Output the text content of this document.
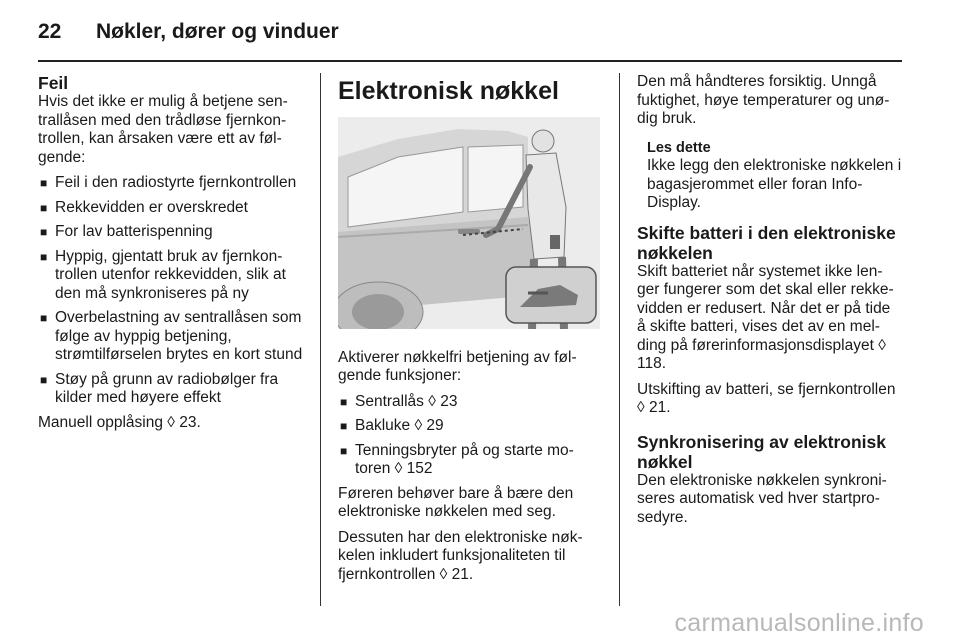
22	Nøkler, dører og vinduer
Feil

Hvis det ikke er mulig å betjene sen-trallåsen med den trådløse fjernkon-trollen, kan årsaken være ett av føl-gende:

■ Feil i den radiostyrte fjernkontrollen
■ Rekkevidden er overskredet
■ For lav batterispenning
■ Hyppig, gjentatt bruk av fjernkon-trollen utenfor rekkevidden, slik at den må synkroniseres på ny
■ Overbelastning av sentrallåsen som følge av hyppig betjening, strømtilførselen brytes en kort stund
■ Støy på grunn av radiobølger fra kilder med høyere effekt

Manuell opplåsing ◊ 23.

Elektronisk nøkkel

Aktiverer nøkkelfri betjening av føl-gende funksjoner:

■ Sentrallås ◊ 23
■ Bakluke ◊ 29
■ Tenningsbryter på og starte mo-toren ◊ 152

Føreren behøver bare å bære den elektroniske nøkkelen med seg.

Dessuten har den elektroniske nøk-kelen inkludert funksjonaliteten til fjernkontrollen ◊ 21.

Den må håndteres forsiktig. Unngå fuktighet, høye temperaturer og unø-dig bruk.

Les dette
Ikke legg den elektroniske nøkkelen i bagasjerommet eller foran Info-Display.
Skifte batteri i den elektroniske nøkkelen

Skift batteriet når systemet ikke len-ger fungerer som det skal eller rekke-vidden er redusert. Når det er på tide å skifte batteri, vises det av en mel-ding på førerinformasjonsdisplayet ◊ 118.

Utskifting av batteri, se fjernkontrollen ◊ 21.

Synkronisering av elektronisk nøkkel

Den elektroniske nøkkelen synkroni-seres automatisk ved hver startpro-sedyre.

carmanualsonline.info
